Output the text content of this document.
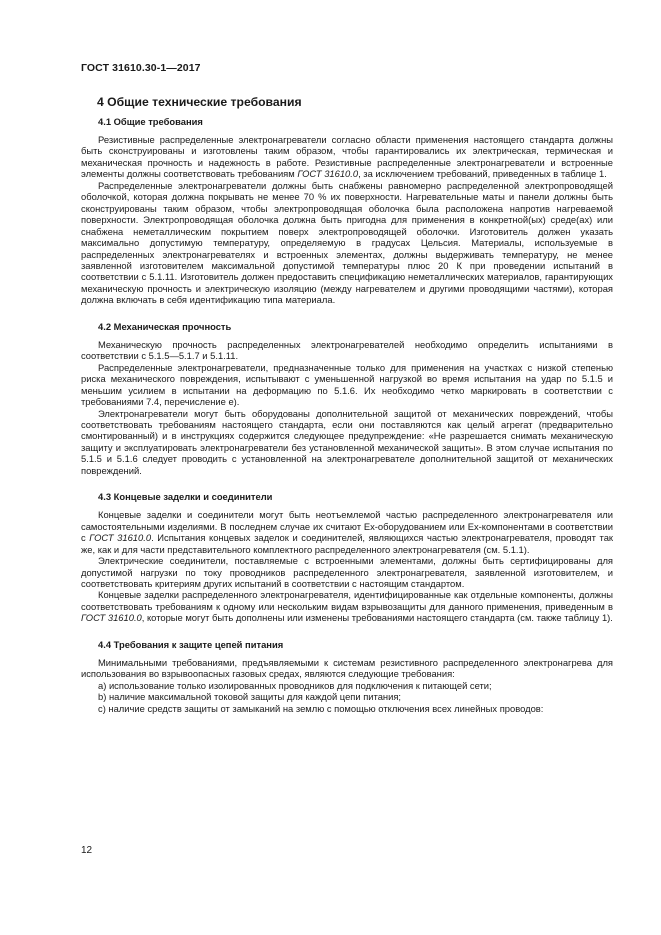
ГОСТ 31610.30-1—2017
4 Общие технические требования
4.1 Общие требования

Резистивные распределенные электронагреватели согласно области применения настоящего стандарта должны быть сконструированы и изготовлены таким образом, чтобы гарантировались их электрическая, термическая и механическая прочность и надежность в работе. Резистивные распределенные электронагреватели и встроенные элементы должны соответствовать требованиям ГОСТ 31610.0, за исключением требований, приведенных в таблице 1.

Распределенные электронагреватели должны быть снабжены равномерно распределенной электропроводящей оболочкой, которая должна покрывать не менее 70 % их поверхности. Нагревательные маты и панели должны быть сконструированы таким образом, чтобы электропроводящая оболочка была расположена напротив нагреваемой поверхности. Электропроводящая оболочка должна быть пригодна для применения в конкретной(ых) среде(ах) или снабжена неметаллическим покрытием поверх электропроводящей оболочки. Изготовитель должен указать максимально допустимую температуру, определяемую в градусах Цельсия. Материалы, используемые в распределенных электронагревателях и встроенных элементах, должны выдерживать температуру, не менее заявленной изготовителем максимальной допустимой температуры плюс 20 К при проведении испытаний в соответствии с 5.1.11. Изготовитель должен предоставить спецификацию неметаллических материалов, гарантирующих механическую прочность и электрическую изоляцию (между нагревателем и другими проводящими частями), которая должна включать в себя идентификацию типа материала.

4.2 Механическая прочность

Механическую прочность распределенных электронагревателей необходимо определить испытаниями в соответствии с 5.1.5—5.1.7 и 5.1.11.

Распределенные электронагреватели, предназначенные только для применения на участках с низкой степенью риска механического повреждения, испытывают с уменьшенной нагрузкой во время испытания на удар по 5.1.5 и меньшим усилием в испытании на деформацию по 5.1.6. Их необходимо четко маркировать в соответствии с требованиями 7.4, перечисление е).

Электронагреватели могут быть оборудованы дополнительной защитой от механических повреждений, чтобы соответствовать требованиям настоящего стандарта, если они поставляются как целый агрегат (предварительно смонтированный) и в инструкциях содержится следующее предупреждение: «Не разрешается снимать механическую защиту и эксплуатировать электронагреватели без установленной механической защиты». В этом случае испытания по 5.1.5 и 5.1.6 следует проводить с установленной на электронагревателе дополнительной защитой от механических повреждений.

4.3 Концевые заделки и соединители

Концевые заделки и соединители могут быть неотъемлемой частью распределенного электронагревателя или самостоятельными изделиями. В последнем случае их считают Ех-оборудованием или Ех-компонентами в соответствии с ГОСТ 31610.0. Испытания концевых заделок и соединителей, являющихся частью электронагревателя, проводят так же, как и для части представительного комплектного распределенного электронагревателя (см. 5.1.1).

Электрические соединители, поставляемые с встроенными элементами, должны быть сертифицированы для допустимой нагрузки по току проводников распределенного электронагревателя, заявленной изготовителем, и соответствовать критериям других испытаний в соответствии с настоящим стандартом.

Концевые заделки распределенного электронагревателя, идентифицированные как отдельные компоненты, должны соответствовать требованиям к одному или нескольким видам взрывозащиты для данного применения, приведенным в ГОСТ 31610.0, которые могут быть дополнены или изменены требованиями настоящего стандарта (см. также таблицу 1).

4.4 Требования к защите цепей питания

Минимальными требованиями, предъявляемыми к системам резистивного распределенного электронагрева для использования во взрывоопасных газовых средах, являются следующие требования:

а) использование только изолированных проводников для подключения к питающей сети;

b) наличие максимальной токовой защиты для каждой цепи питания;

с) наличие средств защиты от замыканий на землю с помощью отключения всех линейных проводов:

12
